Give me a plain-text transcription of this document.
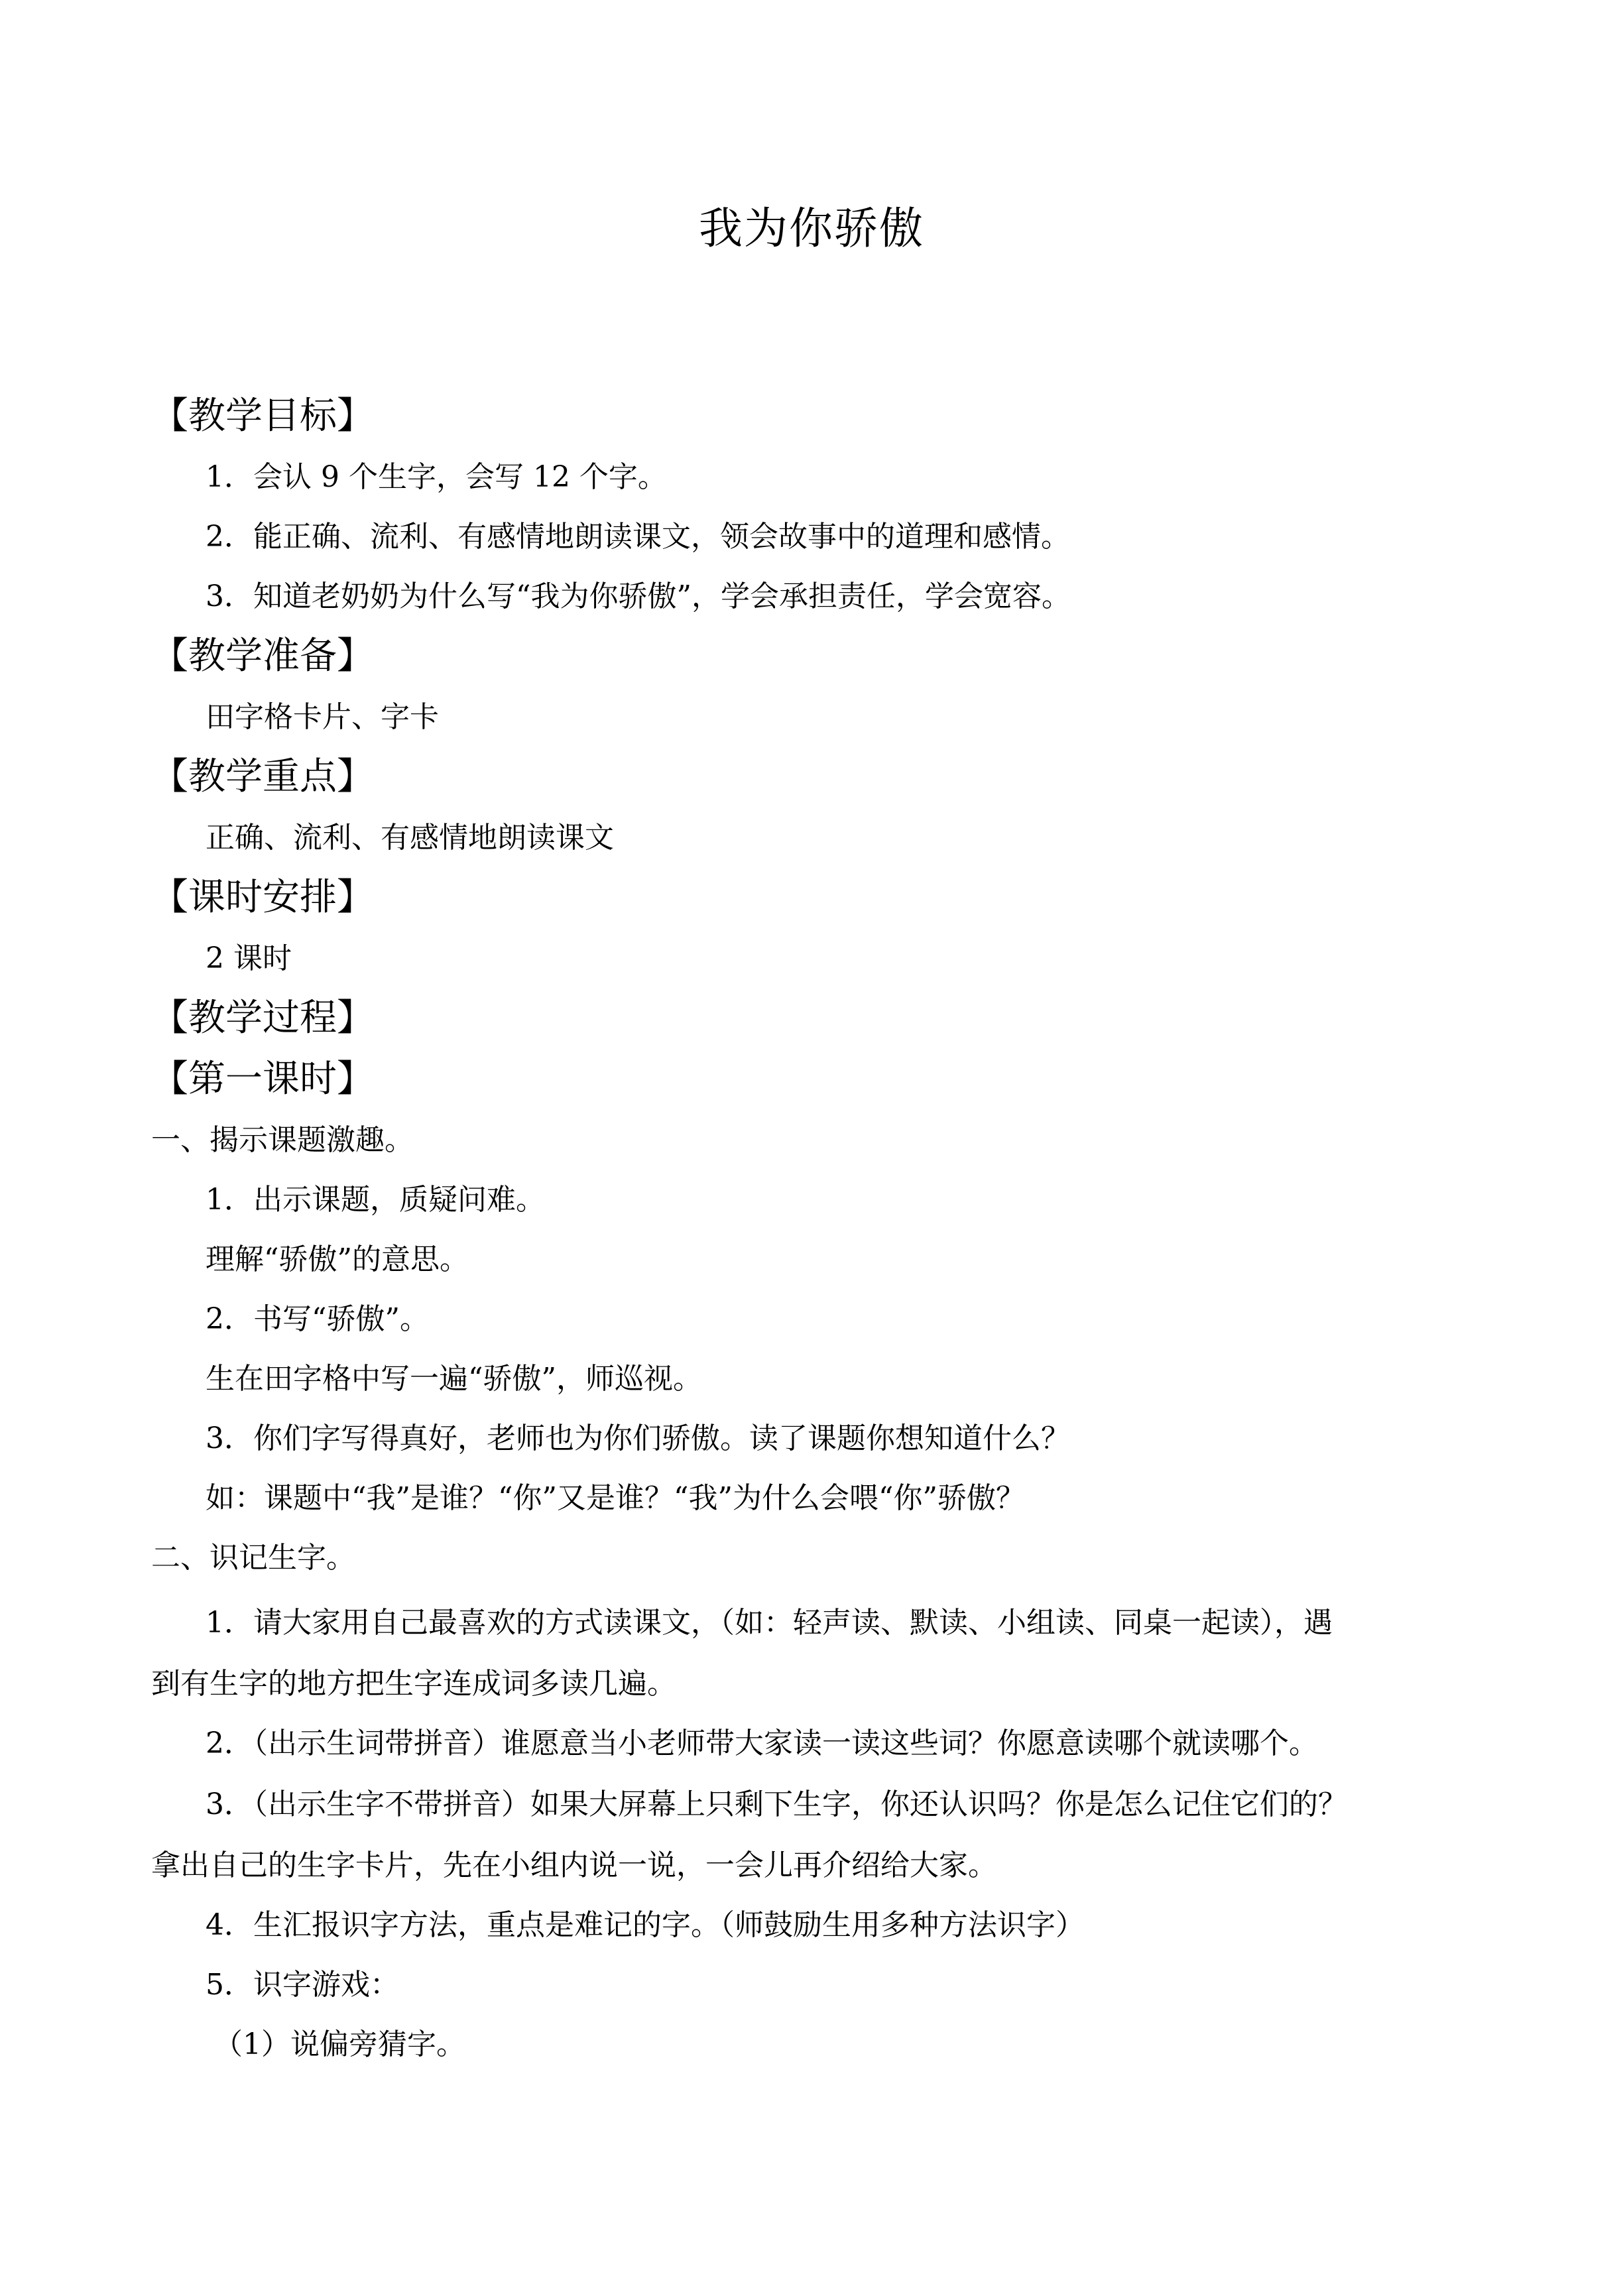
我为你骄傲
【教学目标】
1．会认 9 个生字，会写 12 个字。
2．能正确、流利、有感情地朗读课文，领会故事中的道理和感情。
3．知道老奶奶为什么写“我为你骄傲”，学会承担责任，学会宽容。
【教学准备】
田字格卡片、字卡
【教学重点】
正确、流利、有感情地朗读课文
【课时安排】
2 课时
【教学过程】
【第一课时】
一、揭示课题激趣。
1．出示课题，质疑问难。
理解“骄傲”的意思。
2．书写“骄傲”。
生在田字格中写一遍“骄傲”，师巡视。
3．你们字写得真好，老师也为你们骄傲。读了课题你想知道什么？
如：课题中“我”是谁？“你”又是谁？“我”为什么会喂“你”骄傲？
二、识记生字。
1．请大家用自己最喜欢的方式读课文，（如：轻声读、默读、小组读、同桌一起读），遇
到有生字的地方把生字连成词多读几遍。
2．（出示生词带拼音）谁愿意当小老师带大家读一读这些词？你愿意读哪个就读哪个。
3．（出示生字不带拼音）如果大屏幕上只剩下生字，你还认识吗？你是怎么记住它们的？
拿出自己的生字卡片，先在小组内说一说，一会儿再介绍给大家。
4．生汇报识字方法，重点是难记的字。（师鼓励生用多种方法识字）
5．识字游戏：
（1）说偏旁猜字。
